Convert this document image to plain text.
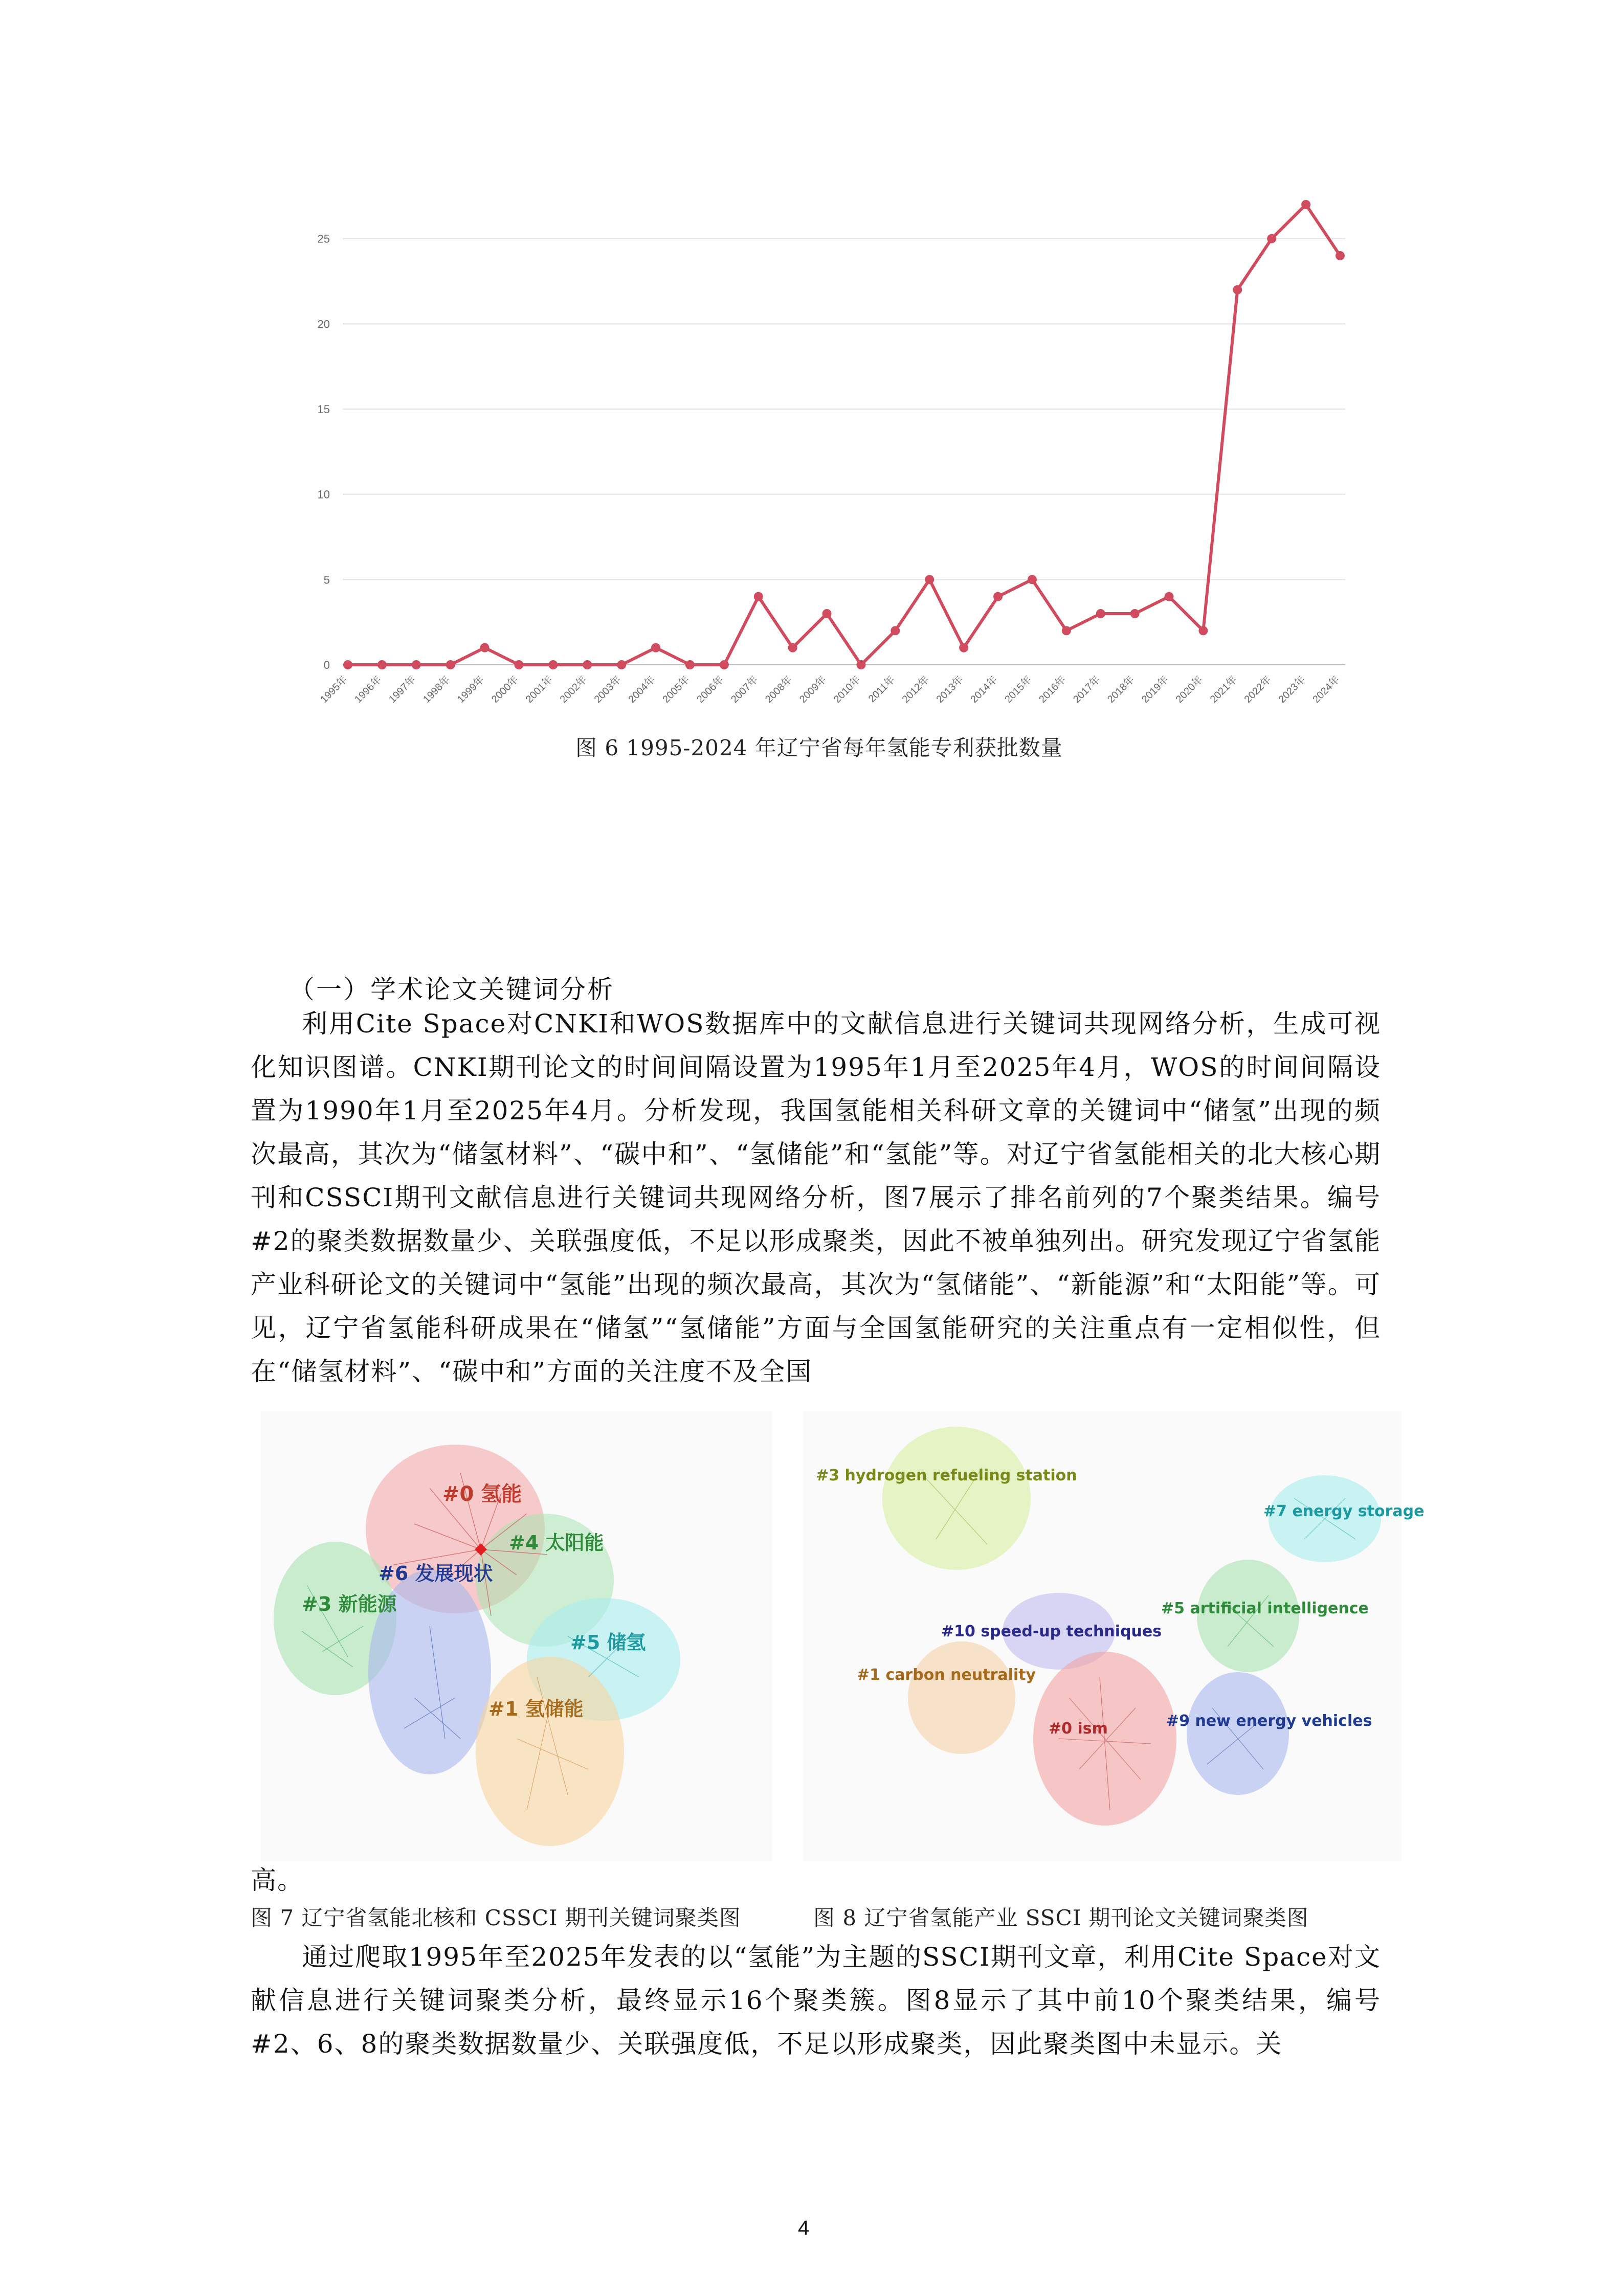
0
5
10
15
20
25
1995年 1996年 1997年 1998年 1999年 2000年 2001年 2002年 2003年 2004年 2005年 2006年 2007年 2008年 2009年 2010年 2011年 2012年 2013年 2014年 2015年 2016年 2017年 2018年 2019年 2020年 2021年 2022年 2023年 2024年
图 6 1995-2024 年辽宁省每年氢能专利获批数量
（一）学术论文关键词分析
利用Cite Space对CNKI和WOS数据库中的文献信息进行关键词共现网络分析，生成可视化知识图谱。CNKI期刊论文的时间间隔设置为1995年1月至2025年4月，WOS的时间间隔设置为1990年1月至2025年4月。分析发现，我国氢能相关科研文章的关键词中“储氢”出现的频次最高，其次为“储氢材料”、“碳中和”、“氢储能”和“氢能”等。对辽宁省氢能相关的北大核心期刊和CSSCI期刊文献信息进行关键词共现网络分析，图7展示了排名前列的7个聚类结果。编号#2的聚类数据数量少、关联强度低，不足以形成聚类，因此不被单独列出。研究发现辽宁省氢能产业科研论文的关键词中“氢能”出现的频次最高，其次为“氢储能”、“新能源”和“太阳能”等。可见，辽宁省氢能科研成果在“储氢”“氢储能”方面与全国氢能研究的关注重点有一定相似性，但在“储氢材料”、“碳中和”方面的关注度不及全国
#0 氢能
#4 太阳能
#6 发展现状
#3 新能源
#5 储氢
#1 氢储能
#3 hydrogen refueling station
#7 energy storage
#5 artificial intelligence
#10 speed-up techniques
#1 carbon neutrality
#0 ism	#9 new energy vehicles
高。
图 7 辽宁省氢能北核和 CSSCI 期刊关键词聚类图	图 8 辽宁省氢能产业 SSCI 期刊论文关键词聚类图
通过爬取1995年至2025年发表的以“氢能”为主题的SSCI期刊文章，利用Cite Space对文献信息进行关键词聚类分析，最终显示16个聚类簇。图8显示了其中前10个聚类结果，编号#2、6、8的聚类数据数量少、关联强度低，不足以形成聚类，因此聚类图中未显示。关
4
